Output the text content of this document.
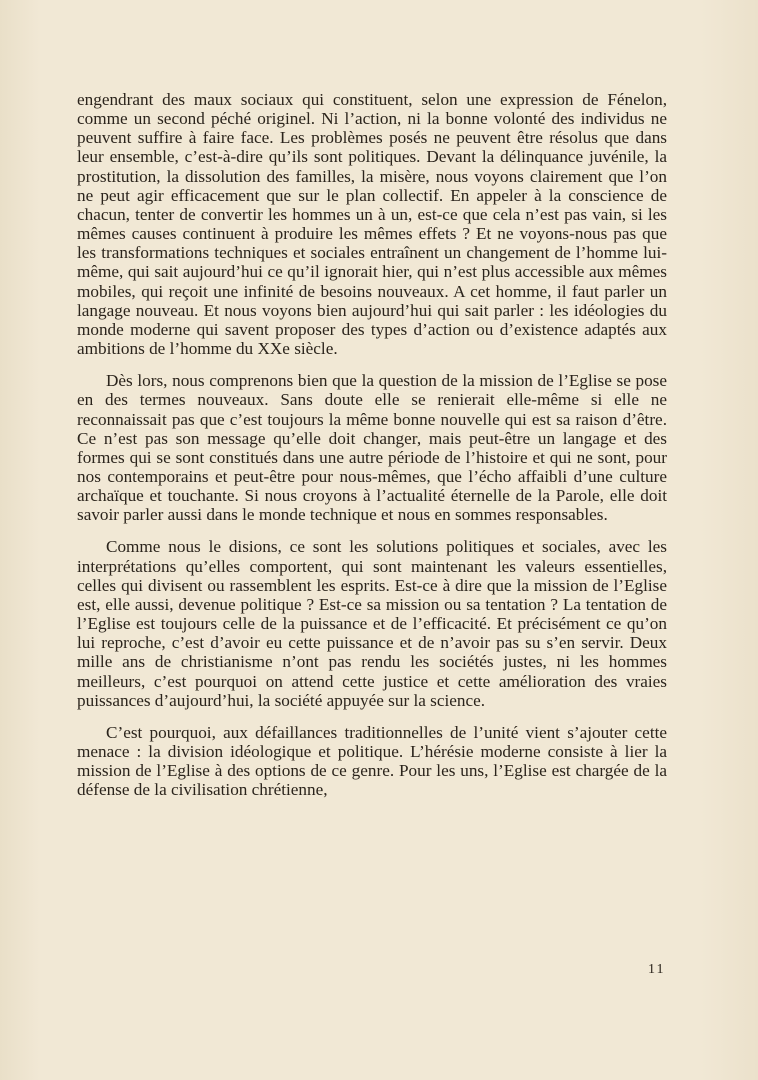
engendrant des maux sociaux qui constituent, selon une expression de Fénelon, comme un second péché originel. Ni l’action, ni la bonne volonté des individus ne peuvent suffire à faire face. Les problèmes posés ne peuvent être résolus que dans leur ensemble, c’est-à-dire qu’ils sont politiques. Devant la délinquance juvénile, la prostitution, la dissolution des familles, la misère, nous voyons clairement que l’on ne peut agir efficacement que sur le plan collectif. En appeler à la conscience de chacun, tenter de convertir les hommes un à un, est-ce que cela n’est pas vain, si les mêmes causes continuent à produire les mêmes effets ? Et ne voyons-nous pas que les transformations techniques et sociales entraînent un changement de l’homme lui-même, qui sait aujourd’hui ce qu’il ignorait hier, qui n’est plus accessible aux mêmes mobiles, qui reçoit une infinité de besoins nouveaux. A cet homme, il faut parler un langage nouveau. Et nous voyons bien aujourd’hui qui sait parler : les idéologies du monde moderne qui savent proposer des types d’action ou d’existence adaptés aux ambitions de l’homme du XXe siècle.

Dès lors, nous comprenons bien que la question de la mission de l’Eglise se pose en des termes nouveaux. Sans doute elle se renierait elle-même si elle ne reconnaissait pas que c’est toujours la même bonne nouvelle qui est sa raison d’être. Ce n’est pas son message qu’elle doit changer, mais peut-être un langage et des formes qui se sont constitués dans une autre période de l’histoire et qui ne sont, pour nos contemporains et peut-être pour nous-mêmes, que l’écho affaibli d’une culture archaïque et touchante. Si nous croyons à l’actualité éternelle de la Parole, elle doit savoir parler aussi dans le monde technique et nous en sommes responsables.

Comme nous le disions, ce sont les solutions politiques et sociales, avec les interprétations qu’elles comportent, qui sont maintenant les valeurs essentielles, celles qui divisent ou rassemblent les esprits. Est-ce à dire que la mission de l’Eglise est, elle aussi, devenue politique ? Est-ce sa mission ou sa tentation ? La tentation de l’Eglise est toujours celle de la puissance et de l’efficacité. Et précisément ce qu’on lui reproche, c’est d’avoir eu cette puissance et de n’avoir pas su s’en servir. Deux mille ans de christianisme n’ont pas rendu les sociétés justes, ni les hommes meilleurs, c’est pourquoi on attend cette justice et cette amélioration des vraies puissances d’aujourd’hui, la société appuyée sur la science.

C’est pourquoi, aux défaillances traditionnelles de l’unité vient s’ajouter cette menace : la division idéologique et politique. L’hérésie moderne consiste à lier la mission de l’Eglise à des options de ce genre. Pour les uns, l’Eglise est chargée de la défense de la civilisation chrétienne,

11
